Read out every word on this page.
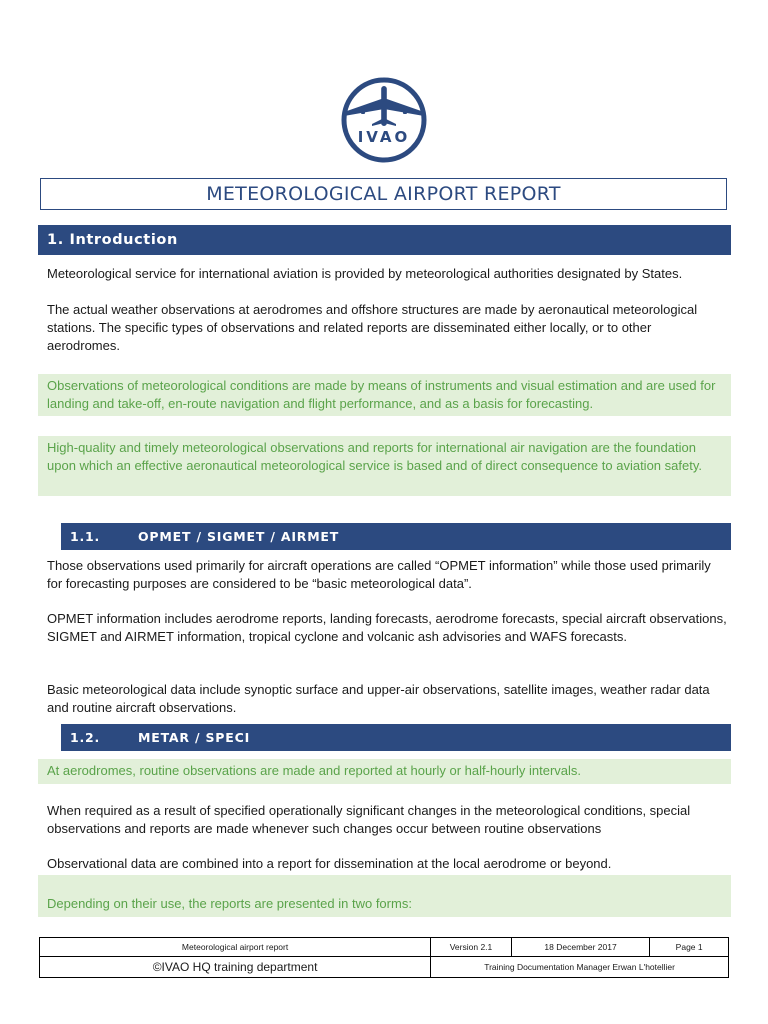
IVAO
METEOROLOGICAL AIRPORT REPORT
1. Introduction

Meteorological service for international aviation is provided by meteorological authorities designated by States.

The actual weather observations at aerodromes and offshore structures are made by aeronautical meteorological stations. The specific types of observations and related reports are disseminated either locally, or to other aerodromes.

Observations of meteorological conditions are made by means of instruments and visual estimation and are used for landing and take-off, en-route navigation and flight performance, and as a basis for forecasting.
High-quality and timely meteorological observations and reports for international air navigation are the foundation upon which an effective aeronautical meteorological service is based and of direct consequence to aviation safety.
1.1.	OPMET / SIGMET / AIRMET

Those observations used primarily for aircraft operations are called “OPMET information” while those used primarily for forecasting purposes are considered to be “basic meteorological data”.

OPMET information includes aerodrome reports, landing forecasts, aerodrome forecasts, special aircraft observations, SIGMET and AIRMET information, tropical cyclone and volcanic ash advisories and WAFS forecasts.

Basic meteorological data include synoptic surface and upper-air observations, satellite images, weather radar data and routine aircraft observations.

1.2.	METAR / SPECI
At aerodromes, routine observations are made and reported at hourly or half-hourly intervals.

When required as a result of specified operationally significant changes in the meteorological conditions, special observations and reports are made whenever such changes occur between routine observations

Observational data are combined into a report for dissemination at the local aerodrome or beyond.

Depending on their use, the reports are presented in two forms:
Meteorological airport report	Version 2.1	18 December 2017	Page 1
©IVAO HQ training department	Training Documentation Manager Erwan L'hotellier		
